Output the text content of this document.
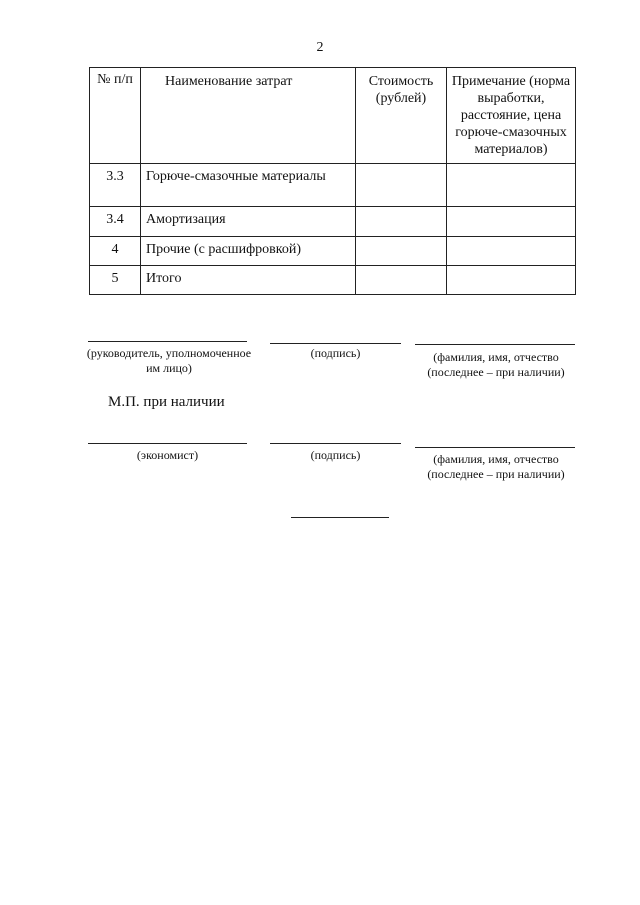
2
№ п/п	Наименование затрат	Стоимость (рублей)	Примечание (норма выработки, расстояние, цена горюче-смазочных материалов)
3.3	Горюче-смазочные материалы		
3.4	Амортизация		
4	Прочие (с расшифровкой)		
5	Итого		
(руководитель, уполномоченное им лицо)
(подпись)	(фамилия, имя, отчество (последнее – при наличии)
М.П. при наличии
(экономист)	(подпись)	(фамилия, имя, отчество (последнее – при наличии)
